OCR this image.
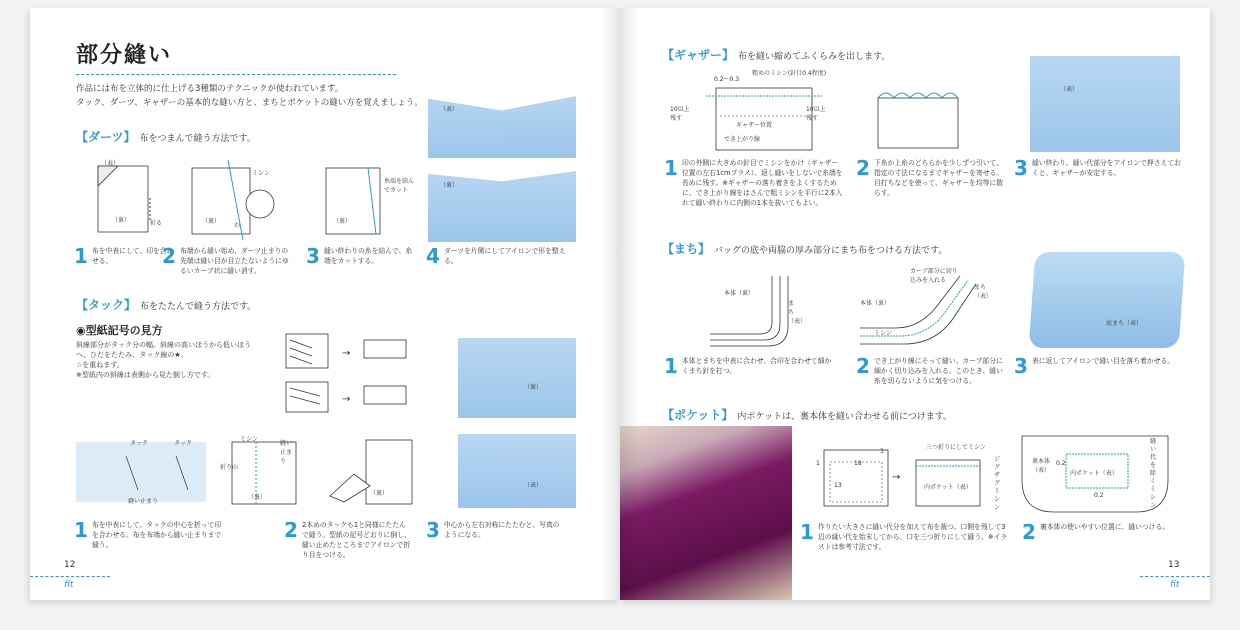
部分縫い
作品には布を立体的に仕上げる3種類のテクニックが使われています。
タック、ダーツ、ギャザーの基本的な縫い方と、まちとポケットの縫い方を覚えましょう。
【ダーツ】 布をつまんで縫う方法です。
（表）
（裏）	折る	（裏）
ミシン
わ
（裏）
糸端を結んでカット
（表）
（裏）
1 布を中表にして、印を合わせる。	2 布端から縫い始め、ダーツ止まりの先端は縫い目が目立たないようにゆるいカーブ状に縫い消す。
3 縫い終わりの糸を結んで、糸端をカットする。	4 ダーツを片側にしてアイロンで形を整える。
【タック】 布をたたんで縫う方法です。
◉型紙記号の見方
斜線部分がタック分の幅。斜線の高いほうから低いほうへ、ひだをたたみ、タック線の★、
☆を重ねます。
※型紙内の斜線は表側から見た倒し方です。
→
→
（裏）
（表）
タック	タック
縫い止まり
ミシン
折り山
（裏）
縫い止まり
（裏）
1 布を中表にして、タックの中心を折って印を合わせる。布を布端から縫い止まりまで縫う。
2 2本めのタックも1と同様にたたんで縫う。型紙の記号どおりに倒し、縫い止めたところまでアイロンで折り目をつける。
3 中心から左右対称にたたむと、写真のようになる。
12
fit
【ギャザー】 布を縫い縮めてふくらみを出します。
0.2〜0.3
粗めのミシン(針目0.4程度)
10以上残す
10以上残す
ギャザー位置
でき上がり線
（表）
1 印の外側に大きめの針目でミシンをかけ（ギャザー位置の左右1cmプラス）、返し縫いをしないで糸端を長めに残す。※ギャザーの落ち着きをよくするために、でき上がり線をはさんで粗ミシンを平行に2本入れて縫い終わりに内側の1本を抜いてもよい。
2 下糸か上糸のどちらかを少しずつ引いて、指定の寸法になるまでギャザーを寄せる。目打ちなどを使って、ギャザーを均等に散らす。
3 縫い終わり。縫い代部分をアイロンで押さえておくと、ギャザーが安定する。
【まち】 バッグの底や両脇の厚み部分にまち布をつける方法です。
本体（裏）
まち（表）
カーブ部分に切り込みを入れる
本体（裏）
まち（表）
ミシン
底まち（表）
1 本体とまちを中表に合わせ、合印を合わせて細かくまち針を打つ。	2 でき上がり線にそって縫い、カーブ部分に細かく切り込みを入れる。このとき、縫い糸を切らないように気をつける。
3 表に返してアイロンで縫い目を落ち着かせる。
【ポケット】 内ポケットは、裏本体を縫い合わせる前につけます。
1	18
3
13
→
三つ折りにしてミシン
内ポケット（表）
ジグザグミシン
裏本体（表）	内ポケット（表）
縫い代を除くミシン
0.2
0.2
1 作りたい大きさに縫い代分を加えて布を裁つ。口側を残して3辺の縁い代を始末してから、口を三つ折りにして縫う。※イラストは参考寸法です。
2 裏本体の使いやすい位置に、縫いつける。
13
fit
